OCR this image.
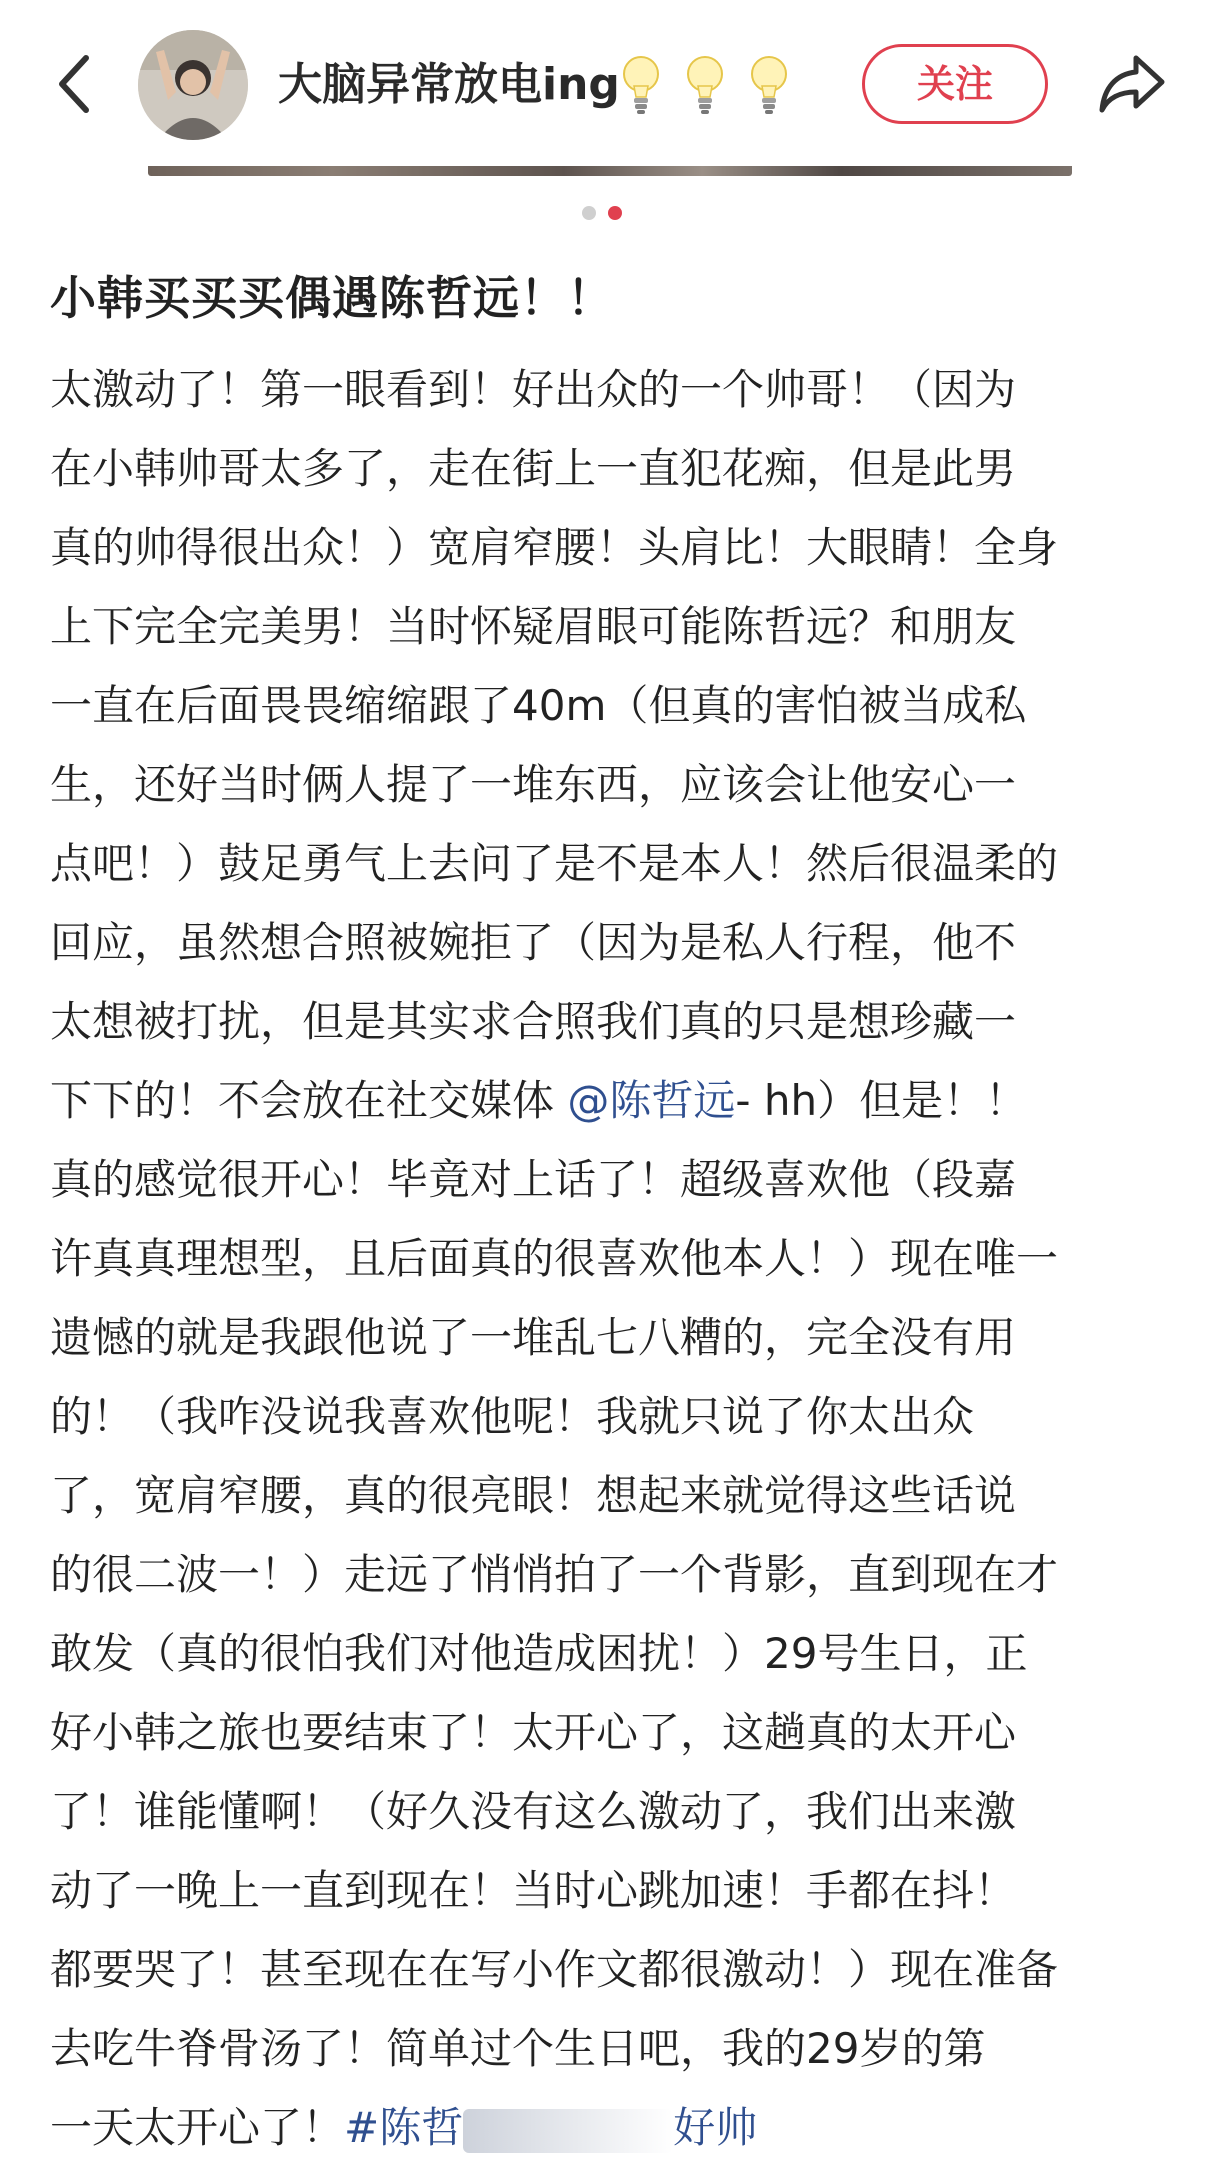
大脑异常放电ing	关注
小韩买买买偶遇陈哲远！！
太激动了！第一眼看到！好出众的一个帅哥！（因为
在小韩帅哥太多了，走在街上一直犯花痴，但是此男
真的帅得很出众！）宽肩窄腰！头肩比！大眼睛！全身
上下完全完美男！当时怀疑眉眼可能陈哲远？和朋友
一直在后面畏畏缩缩跟了40m（但真的害怕被当成私
生，还好当时俩人提了一堆东西，应该会让他安心一
点吧！）鼓足勇气上去问了是不是本人！然后很温柔的
回应，虽然想合照被婉拒了（因为是私人行程，他不
太想被打扰，但是其实求合照我们真的只是想珍藏一
下下的！不会放在社交媒体 @陈哲远- hh）但是！！
真的感觉很开心！毕竟对上话了！超级喜欢他（段嘉
许真真理想型，且后面真的很喜欢他本人！）现在唯一
遗憾的就是我跟他说了一堆乱七八糟的，完全没有用
的！（我咋没说我喜欢他呢！我就只说了你太出众
了，宽肩窄腰，真的很亮眼！想起来就觉得这些话说
的很二波一！）走远了悄悄拍了一个背影，直到现在才
敢发（真的很怕我们对他造成困扰！）29号生日，正
好小韩之旅也要结束了！太开心了，这趟真的太开心
了！谁能懂啊！（好久没有这么激动了，我们出来激
动了一晚上一直到现在！当时心跳加速！手都在抖！
都要哭了！甚至现在在写小作文都很激动！）现在准备
去吃牛脊骨汤了！简单过个生日吧，我的29岁的第
一天太开心了！#陈哲	好帅
